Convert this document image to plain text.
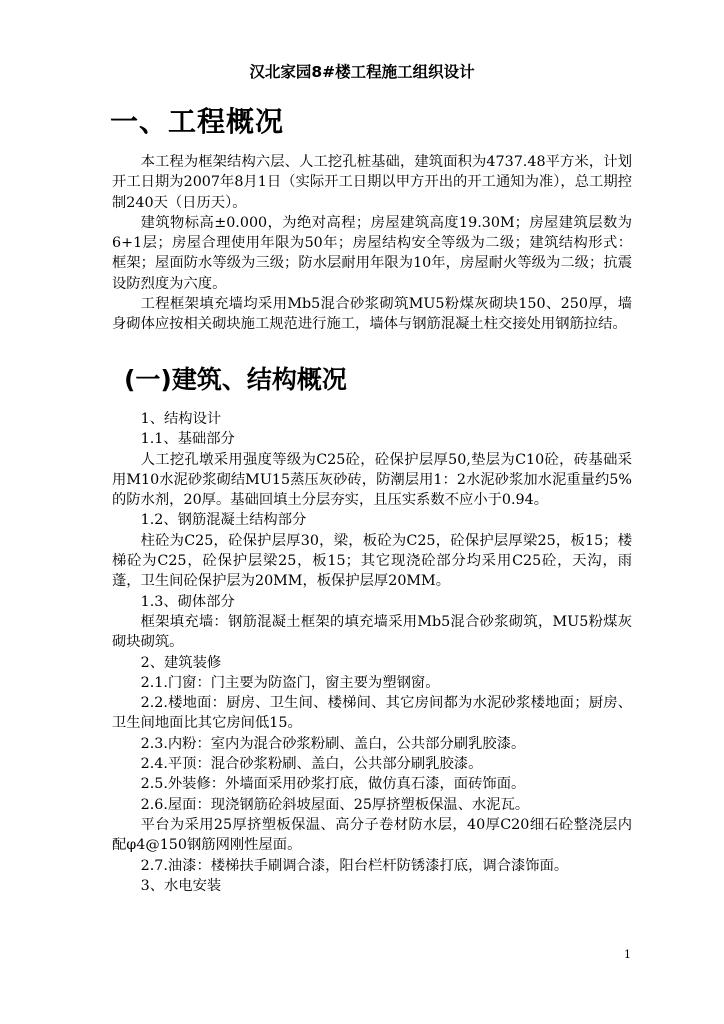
汉北家园8#楼工程施工组织设计
一、工程概况

本工程为框架结构六层、人工挖孔桩基础，建筑面积为4737.48平方米，计划开工日期为2007年8月1日（实际开工日期以甲方开出的开工通知为准），总工期控制240天（日历天）。

建筑物标高±0.000，为绝对高程；房屋建筑高度19.30M；房屋建筑层数为6+1层；房屋合理使用年限为50年；房屋结构安全等级为二级；建筑结构形式：框架；屋面防水等级为三级；防水层耐用年限为10年，房屋耐火等级为二级；抗震设防烈度为六度。

工程框架填充墙均采用Mb5混合砂浆砌筑MU5粉煤灰砌块150、250厚，墙身砌体应按相关砌块施工规范进行施工，墙体与钢筋混凝土柱交接处用钢筋拉结。

(一)建筑、结构概况

1、结构设计

1.1、基础部分

人工挖孔墩采用强度等级为C25砼，砼保护层厚50,垫层为C10砼，砖基础采用M10水泥砂浆砌结MU15蒸压灰砂砖，防潮层用1：2水泥砂浆加水泥重量约5%的防水剂，20厚。基础回填土分层夯实，且压实系数不应小于0.94。

1.2、钢筋混凝土结构部分

柱砼为C25，砼保护层厚30，梁，板砼为C25，砼保护层厚梁25，板15；楼梯砼为C25，砼保护层梁25，板15；其它现浇砼部分均采用C25砼，天沟，雨蓬，卫生间砼保护层为20MM，板保护层厚20MM。

1.3、砌体部分

框架填充墙：钢筋混凝土框架的填充墙采用Mb5混合砂浆砌筑，MU5粉煤灰砌块砌筑。

2、建筑装修

2.1.门窗：门主要为防盗门，窗主要为塑钢窗。

2.2.楼地面：厨房、卫生间、楼梯间、其它房间都为水泥砂浆楼地面；厨房、卫生间地面比其它房间低15。

2.3.内粉：室内为混合砂浆粉刷、盖白，公共部分刷乳胶漆。

2.4.平顶：混合砂浆粉刷、盖白，公共部分刷乳胶漆。

2.5.外装修：外墙面采用砂浆打底，做仿真石漆，面砖饰面。

2.6.屋面：现浇钢筋砼斜坡屋面、25厚挤塑板保温、水泥瓦。

平台为采用25厚挤塑板保温、高分子卷材防水层，40厚C20细石砼整浇层内配φ4@150钢筋网刚性屋面。

2.7.油漆：楼梯扶手刷调合漆，阳台栏杆防锈漆打底，调合漆饰面。

3、水电安装

1
